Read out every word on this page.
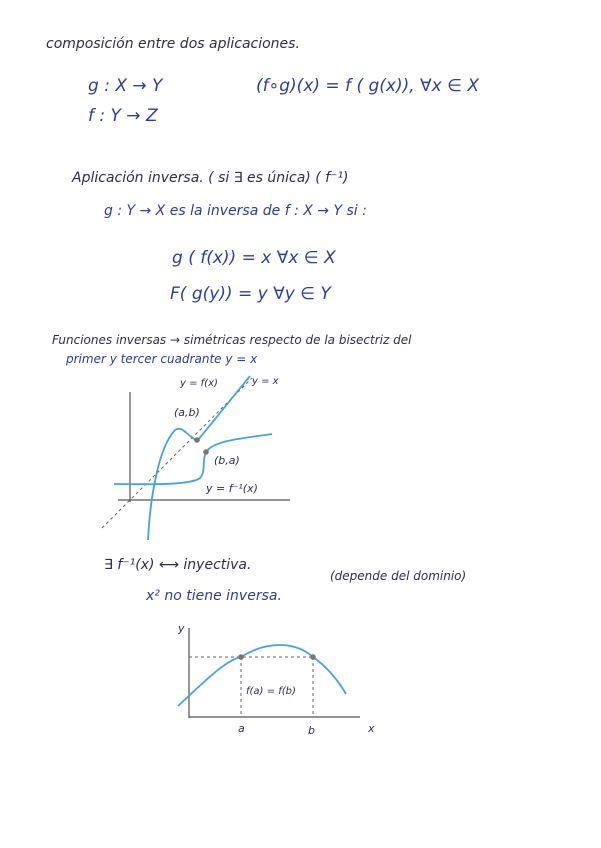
composición entre dos aplicaciones.
g : X → Y
f : Y → Z
(f∘g)(x) = f ( g(x)), ∀x ∈ X
Aplicación inversa. ( si ∃ es única) ( f⁻¹)
g : Y → X es la inversa de f : X → Y si :
g ( f(x)) = x ∀x ∈ X
F( g(y)) = y ∀y ∈ Y
Funciones inversas → simétricas respecto de la bisectriz del
primer y tercer cuadrante y = x
y = f(x)	y = x
(a,b)
(b,a)
y = f⁻¹(x)
∃ f⁻¹(x) ⟷ inyectiva.
(depende del dominio)
x² no tiene inversa.
y
x
a	b
f(a) = f(b)
